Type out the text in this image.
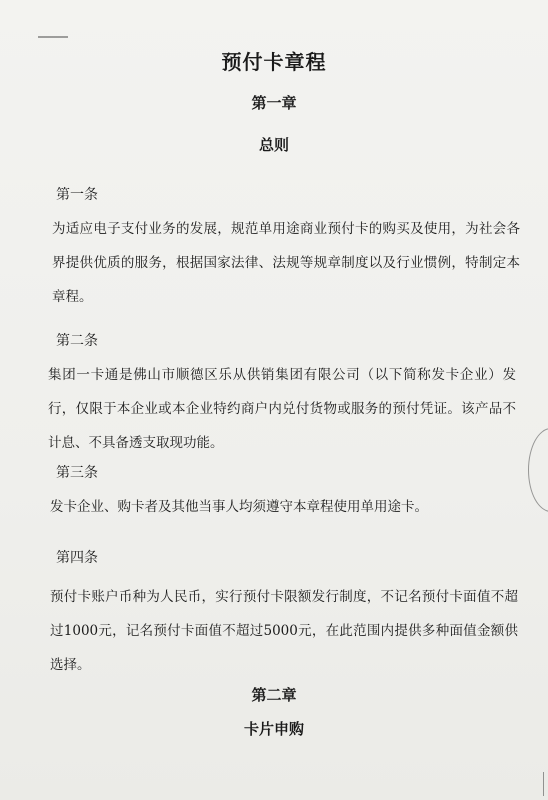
预付卡章程
第一章
总则
第一条
为适应电子支付业务的发展，规范单用途商业预付卡的购买及使用，为社会各界提供优质的服务，根据国家法律、法规等规章制度以及行业惯例，特制定本章程。
第二条
集团一卡通是佛山市顺德区乐从供销集团有限公司（以下简称发卡企业）发行，仅限于本企业或本企业特约商户内兑付货物或服务的预付凭证。该产品不计息、不具备透支取现功能。
第三条
发卡企业、购卡者及其他当事人均须遵守本章程使用单用途卡。
第四条
预付卡账户币种为人民币，实行预付卡限额发行制度，不记名预付卡面值不超过1000元，记名预付卡面值不超过5000元，在此范围内提供多种面值金额供选择。
第二章
卡片申购
